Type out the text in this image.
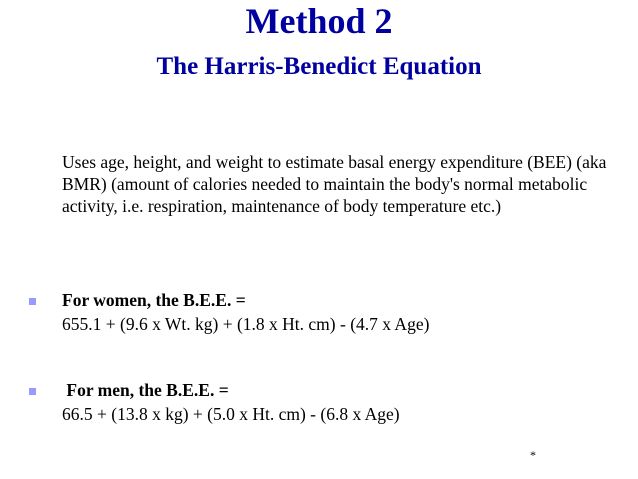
Method 2
The Harris-Benedict Equation

Uses age, height, and weight to estimate basal energy expenditure (BEE) (aka BMR) (amount of calories needed to maintain the body's normal metabolic activity, i.e. respiration, maintenance of body temperature etc.)

For women, the B.E.E. =
655.1 + (9.6 x Wt. kg) + (1.8 x Ht. cm) - (4.7 x Age)

For men, the B.E.E. =
66.5 + (13.8 x kg) + (5.0 x Ht. cm) - (6.8 x Age)

*
